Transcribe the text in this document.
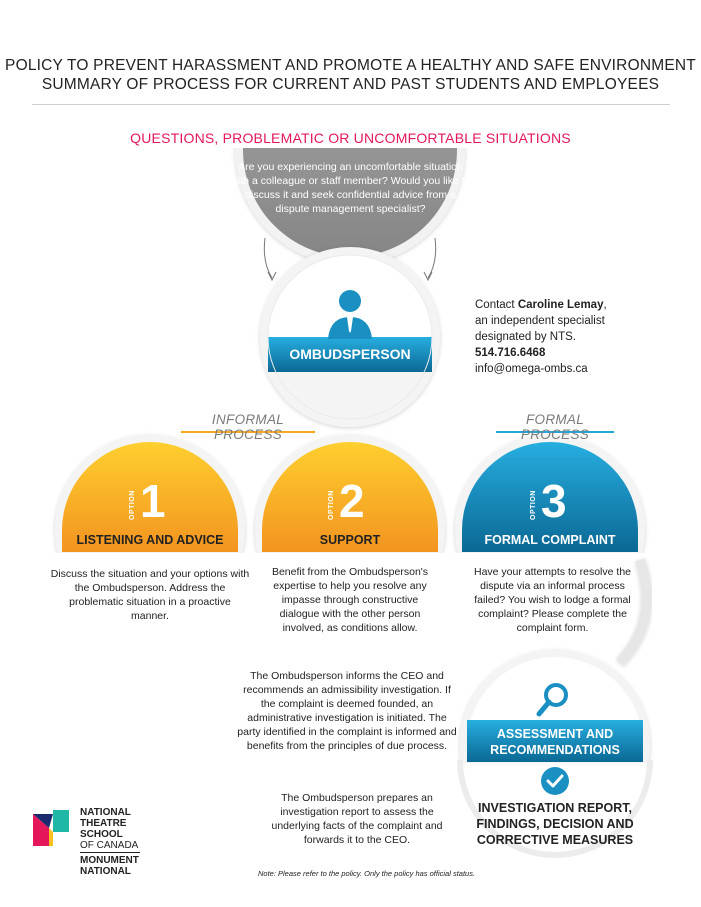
POLICY TO PREVENT HARASSMENT AND PROMOTE A HEALTHY AND SAFE ENVIRONMENT
SUMMARY OF PROCESS FOR CURRENT AND PAST STUDENTS AND EMPLOYEES
QUESTIONS, PROBLEMATIC OR UNCOMFORTABLE SITUATIONS
Are you experiencing an uncomfortable situation with a colleague or staff member? Would you like to discuss it and seek confidential advice from a dispute management specialist?
OMBUDSPERSON
Contact Caroline Lemay,
an independent specialist
designated by NTS.
514.716.6468
info@omega-ombs.ca
INFORMAL PROCESS
FORMAL PROCESS
OPTION 1
LISTENING AND ADVICE
Discuss the situation and your options with the Ombudsperson. Address the problematic situation in a proactive manner.
OPTION 2
SUPPORT
Benefit from the Ombudsperson's expertise to help you resolve any impasse through constructive dialogue with the other person involved, as conditions allow.
OPTION 3
FORMAL COMPLAINT
Have your attempts to resolve the dispute via an informal process failed? You wish to lodge a formal complaint? Please complete the complaint form.
The Ombudsperson informs the CEO and recommends an admissibility investigation. If the complaint is deemed founded, an administrative investigation is initiated. The party identified in the complaint is informed and benefits from the principles of due process.
The Ombudsperson prepares an investigation report to assess the underlying facts of the complaint and forwards it to the CEO.
ASSESSMENT AND
RECOMMENDATIONS
INVESTIGATION REPORT,
FINDINGS, DECISION AND
CORRECTIVE MEASURES
NATIONAL
THEATRE
SCHOOL
OF CANADA
MONUMENT
NATIONAL	Note: Please refer to the policy. Only the policy has official status.
